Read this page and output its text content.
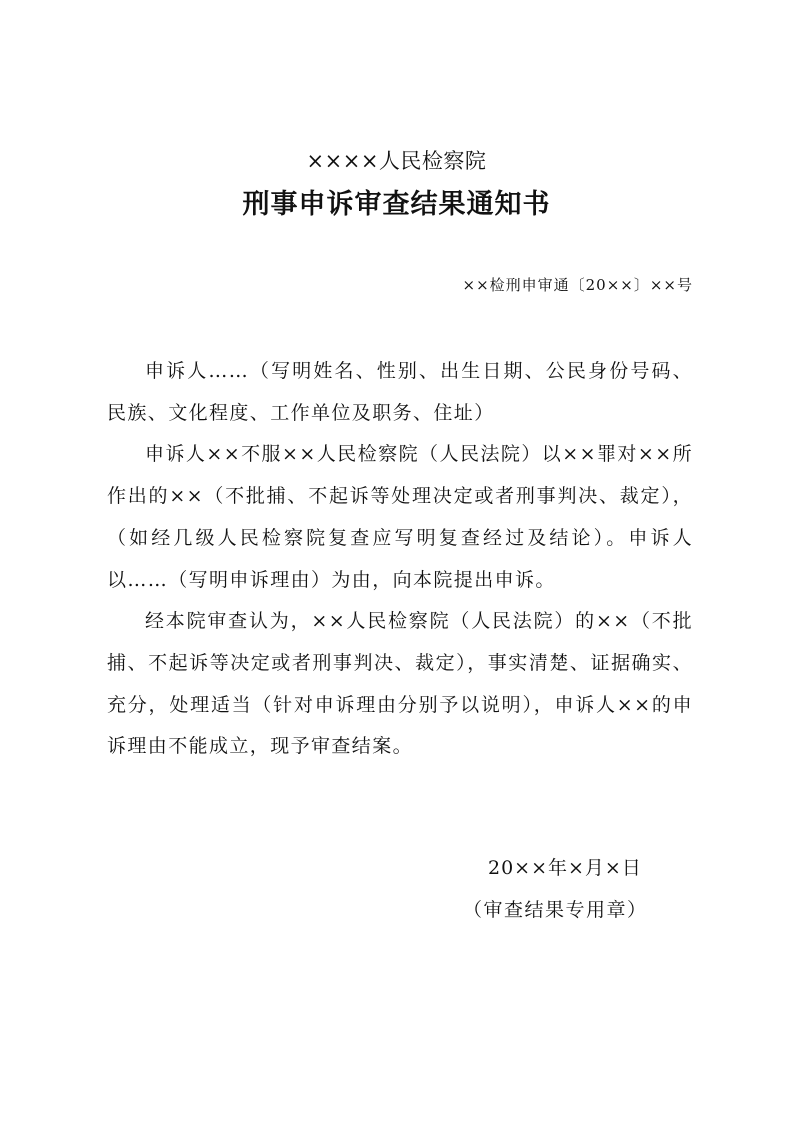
××××人民检察院
刑事申诉审查结果通知书
××检刑申审通〔20××〕××号

申诉人……（写明姓名、性别、出生日期、公民身份号码、民族、文化程度、工作单位及职务、住址）

申诉人××不服××人民检察院（人民法院）以××罪对××所作出的××（不批捕、不起诉等处理决定或者刑事判决、裁定），（如经几级人民检察院复查应写明复查经过及结论）。申诉人以……（写明申诉理由）为由，向本院提出申诉。

经本院审查认为，××人民检察院（人民法院）的××（不批捕、不起诉等决定或者刑事判决、裁定），事实清楚、证据确实、充分，处理适当（针对申诉理由分别予以说明），申诉人××的申诉理由不能成立，现予审查结案。

20××年×月×日
（审查结果专用章）
